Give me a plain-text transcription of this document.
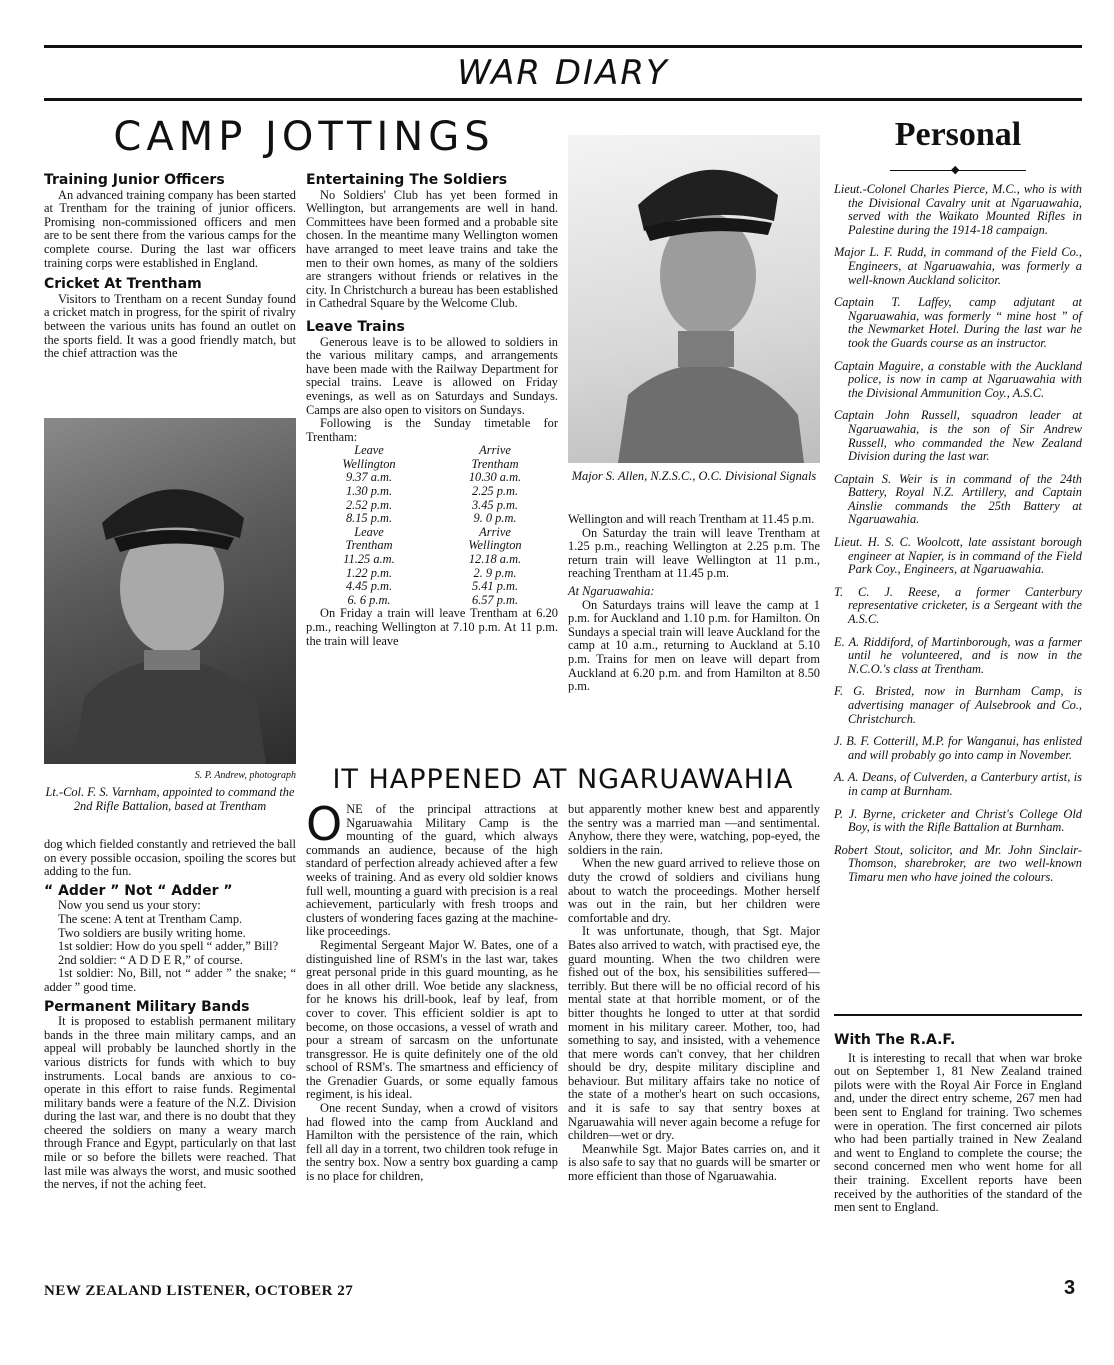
WAR DIARY
CAMP JOTTINGS	Personal
◆
Training Junior Officers

An advanced training company has been started at Trentham for the training of junior officers. Promising non-commissioned officers and men are to be sent there from the various camps for the complete course. During the last war officers training corps were established in England.

Cricket At Trentham

Visitors to Trentham on a recent Sunday found a cricket match in progress, for the spirit of rivalry between the various units has found an outlet on the sports field. It was a good friendly match, but the chief attraction was the

S. P. Andrew, photograph
Lt.-Col. F. S. Varnham, appointed to command the 2nd Rifle Battalion, based at Trentham

dog which fielded constantly and retrieved the ball on every possible occasion, spoiling the scores but adding to the fun.

“ Adder ” Not “ Adder ”

Now you send us your story:

The scene: A tent at Trentham Camp.

Two soldiers are busily writing home.

1st soldier: How do you spell “ adder,” Bill?

2nd soldier: “ A D D E R,” of course.

1st soldier: No, Bill, not “ adder ” the snake; “ adder ” good time.

Permanent Military Bands

It is proposed to establish permanent military bands in the three main military camps, and an appeal will probably be launched shortly in the various districts for funds with which to buy instruments. Local bands are anxious to co-operate in this effort to raise funds. Regimental military bands were a feature of the N.Z. Division during the last war, and there is no doubt that they cheered the soldiers on many a weary march through France and Egypt, particularly on that last mile or so before the billets were reached. That last mile was always the worst, and music soothed the nerves, if not the aching feet.

Entertaining The Soldiers

No Soldiers' Club has yet been formed in Wellington, but arrangements are well in hand. Committees have been formed and a probable site chosen. In the meantime many Wellington women have arranged to meet leave trains and take the men to their own homes, as many of the soldiers are strangers without friends or relatives in the city. In Christchurch a bureau has been established in Cathedral Square by the Welcome Club.

Leave Trains

Generous leave is to be allowed to soldiers in the various military camps, and arrangements have been made with the Railway Department for special trains. Leave is allowed on Friday evenings, as well as on Saturdays and Sundays. Camps are also open to visitors on Sundays.

Following is the Sunday timetable for Trentham:

Leave	Arrive
Wellington	Trentham
9.37 a.m.	10.30 a.m.
1.30 p.m.	2.25 p.m.
2.52 p.m.	3.45 p.m.
8.15 p.m.	9. 0 p.m.
Leave	Arrive
Trentham	Wellington
11.25 a.m.	12.18 a.m.
1.22 p.m.	2. 9 p.m.
4.45 p.m.	5.41 p.m.
6. 6 p.m.	6.57 p.m.

On Friday a train will leave Trentham at 6.20 p.m., reaching Wellington at 7.10 p.m. At 11 p.m. the train will leave

Major S. Allen, N.Z.S.C., O.C. Divisional Signals

Wellington and will reach Trentham at 11.45 p.m.

On Saturday the train will leave Trentham at 1.25 p.m., reaching Wellington at 2.25 p.m. The return train will leave Wellington at 11 p.m., reaching Trentham at 11.45 p.m.

At Ngaruawahia:

On Saturdays trains will leave the camp at 1 p.m. for Auckland and 1.10 p.m. for Hamilton. On Sundays a special train will leave Auckland for the camp at 10 a.m., returning to Auckland at 5.10 p.m. Trains for men on leave will depart from Auckland at 6.20 p.m. and from Hamilton at 8.50 p.m.

IT HAPPENED AT NGARUAWAHIA

ONE of the principal attractions at Ngaruawahia Military Camp is the mounting of the guard, which always commands an audience, because of the high standard of perfection already achieved after a few weeks of training. And as every old soldier knows full well, mounting a guard with precision is a real achievement, particularly with fresh troops and clusters of wondering faces gazing at the machine-like proceedings.

Regimental Sergeant Major W. Bates, one of a distinguished line of RSM's in the last war, takes great personal pride in this guard mounting, as he does in all other drill. Woe betide any slackness, for he knows his drill-book, leaf by leaf, from cover to cover. This efficient soldier is apt to become, on those occasions, a vessel of wrath and pour a stream of sarcasm on the unfortunate transgressor. He is quite definitely one of the old school of RSM's. The smartness and efficiency of the Grenadier Guards, or some equally famous regiment, is his ideal.

One recent Sunday, when a crowd of visitors had flowed into the camp from Auckland and Hamilton with the persistence of the rain, which fell all day in a torrent, two children took refuge in the sentry box. Now a sentry box guarding a camp is no place for children,

but apparently mother knew best and apparently the sentry was a married man —and sentimental. Anyhow, there they were, watching, pop-eyed, the soldiers in the rain.

When the new guard arrived to relieve those on duty the crowd of soldiers and civilians hung about to watch the proceedings. Mother herself was out in the rain, but her children were comfortable and dry.

It was unfortunate, though, that Sgt. Major Bates also arrived to watch, with practised eye, the guard mounting. When the two children were fished out of the box, his sensibilities suffered—terribly. But there will be no official record of his mental state at that horrible moment, or of the bitter thoughts he longed to utter at that sordid moment in his military career. Mother, too, had something to say, and insisted, with a vehemence that mere words can't convey, that her children should be dry, despite military discipline and behaviour. But military affairs take no notice of the state of a mother's heart on such occasions, and it is safe to say that sentry boxes at Ngaruawahia will never again become a refuge for children—wet or dry.

Meanwhile Sgt. Major Bates carries on, and it is also safe to say that no guards will be smarter or more efficient than those of Ngaruawahia.

Lieut.-Colonel Charles Pierce, M.C., who is with the Divisional Cavalry unit at Ngaruawahia, served with the Waikato Mounted Rifles in Palestine during the 1914-18 campaign.

Major L. F. Rudd, in command of the Field Co., Engineers, at Ngaruawahia, was formerly a well-known Auckland solicitor.

Captain T. Laffey, camp adjutant at Ngaruawahia, was formerly “ mine host ” of the Newmarket Hotel. During the last war he took the Guards course as an instructor.

Captain Maguire, a constable with the Auckland police, is now in camp at Ngaruawahia with the Divisional Ammunition Coy., A.S.C.

Captain John Russell, squadron leader at Ngaruawahia, is the son of Sir Andrew Russell, who commanded the New Zealand Division during the last war.

Captain S. Weir is in command of the 24th Battery, Royal N.Z. Artillery, and Captain Ainslie commands the 25th Battery at Ngaruawahia.

Lieut. H. S. C. Woolcott, late assistant borough engineer at Napier, is in command of the Field Park Coy., Engineers, at Ngaruawahia.

T. C. J. Reese, a former Canterbury representative cricketer, is a Sergeant with the A.S.C.

E. A. Riddiford, of Martinborough, was a farmer until he volunteered, and is now in the N.C.O.'s class at Trentham.

F. G. Bristed, now in Burnham Camp, is advertising manager of Aulsebrook and Co., Christchurch.

J. B. F. Cotterill, M.P. for Wanganui, has enlisted and will probably go into camp in November.

A. A. Deans, of Culverden, a Canterbury artist, is in camp at Burnham.

P. J. Byrne, cricketer and Christ's College Old Boy, is with the Rifle Battalion at Burnham.

Robert Stout, solicitor, and Mr. John Sinclair-Thomson, sharebroker, are two well-known Timaru men who have joined the colours.

With The R.A.F.

It is interesting to recall that when war broke out on September 1, 81 New Zealand trained pilots were with the Royal Air Force in England and, under the direct entry scheme, 267 men had been sent to England for training. Two schemes were in operation. The first concerned air pilots who had been partially trained in New Zealand and went to England to complete the course; the second concerned men who went home for all their training. Excellent reports have been received by the authorities of the standard of the men sent to England.

NEW ZEALAND LISTENER, OCTOBER 27	3
